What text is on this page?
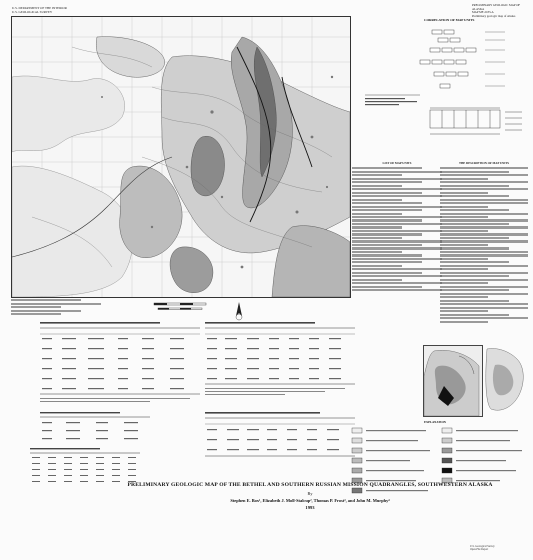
U.S. DEPARTMENT OF THE INTERIOR
U.S. GEOLOGICAL SURVEY
PRELIMINARY GEOLOGIC MAP OF ALASKA
MAP MF-2183-A
Preliminary geologic map of Alaska
CORRELATION OF MAP UNITS
LIST OF MAP UNITS	THE DESCRIPTION OF MAP UNITS
EXPLANATION
PRELIMINARY GEOLOGIC MAP OF THE BETHEL AND SOUTHERN RUSSIAN MISSION QUADRANGLES, SOUTHWESTERN ALASKA
By
Stephen E. Box¹, Elizabeth J. Moll-Stalcup², Thomas P. Frost³, and John M. Murphy⁴
1993
U.S. Geological Survey
Open-File Report
